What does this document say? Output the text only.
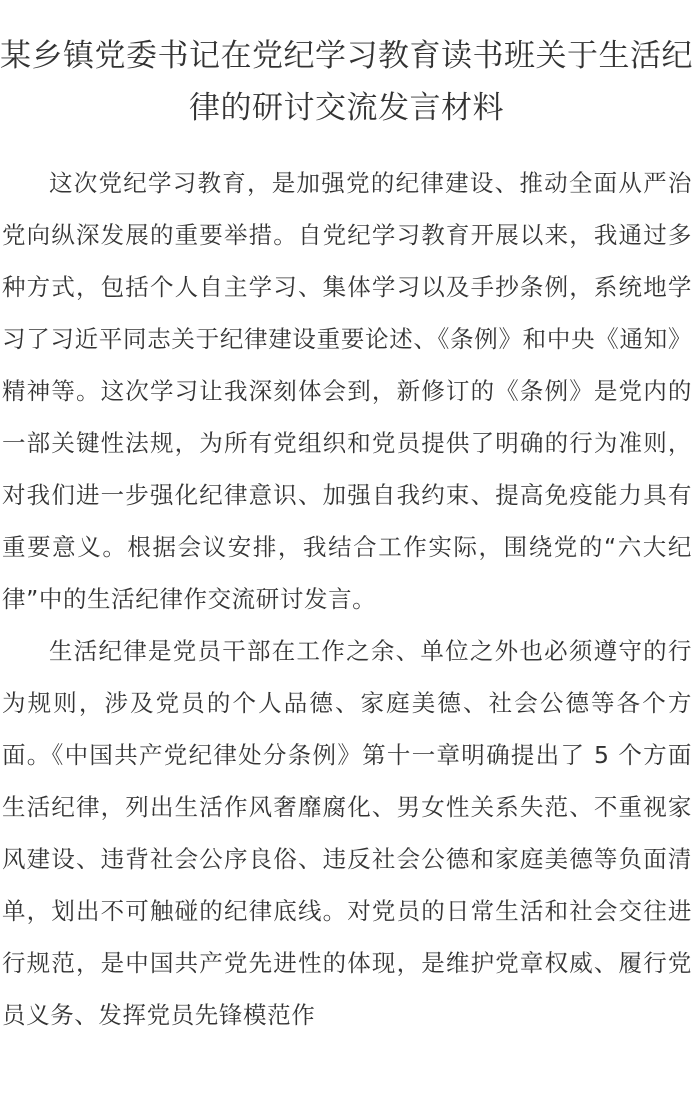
某乡镇党委书记在党纪学习教育读书班关于生活纪律的研讨交流发言材料

这次党纪学习教育，是加强党的纪律建设、推动全面从严治党向纵深发展的重要举措。自党纪学习教育开展以来，我通过多种方式，包括个人自主学习、集体学习以及手抄条例，系统地学习了习近平同志关于纪律建设重要论述、《条例》和中央《通知》精神等。这次学习让我深刻体会到，新修订的《条例》是党内的一部关键性法规，为所有党组织和党员提供了明确的行为准则，对我们进一步强化纪律意识、加强自我约束、提高免疫能力具有重要意义。根据会议安排，我结合工作实际，围绕党的“六大纪律”中的生活纪律作交流研讨发言。

生活纪律是党员干部在工作之余、单位之外也必须遵守的行为规则，涉及党员的个人品德、家庭美德、社会公德等各个方面。《中国共产党纪律处分条例》第十一章明确提出了 5 个方面生活纪律，列出生活作风奢靡腐化、男女性关系失范、不重视家风建设、违背社会公序良俗、违反社会公德和家庭美德等负面清单，划出不可触碰的纪律底线。对党员的日常生活和社会交往进行规范，是中国共产党先进性的体现，是维护党章权威、履行党员义务、发挥党员先锋模范作
